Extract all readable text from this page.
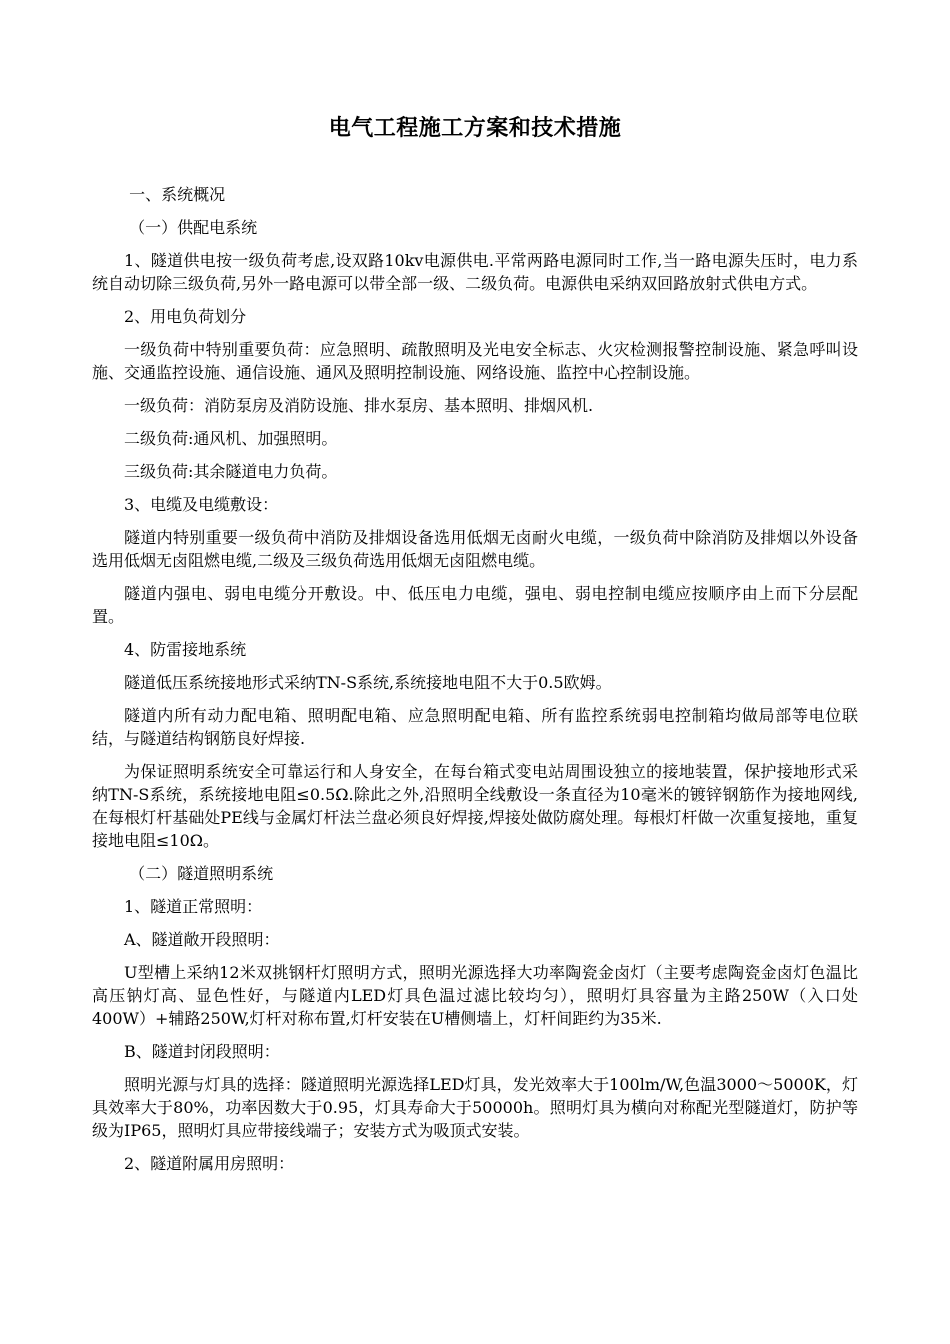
电气工程施工方案和技术措施

一、系统概况

（一）供配电系统

1、隧道供电按一级负荷考虑,设双路10kv电源供电.平常两路电源同时工作,当一路电源失压时，电力系统自动切除三级负荷,另外一路电源可以带全部一级、二级负荷。电源供电采纳双回路放射式供电方式。

2、用电负荷划分

一级负荷中特别重要负荷：应急照明、疏散照明及光电安全标志、火灾检测报警控制设施、紧急呼叫设施、交通监控设施、通信设施、通风及照明控制设施、网络设施、监控中心控制设施。

一级负荷：消防泵房及消防设施、排水泵房、基本照明、排烟风机.

二级负荷:通风机、加强照明。

三级负荷:其余隧道电力负荷。

3、电缆及电缆敷设：

隧道内特别重要一级负荷中消防及排烟设备选用低烟无卤耐火电缆，一级负荷中除消防及排烟以外设备选用低烟无卤阻燃电缆,二级及三级负荷选用低烟无卤阻燃电缆。

隧道内强电、弱电电缆分开敷设。中、低压电力电缆，强电、弱电控制电缆应按顺序由上而下分层配置。

4、防雷接地系统

隧道低压系统接地形式采纳TN-S系统,系统接地电阻不大于0.5欧姆。

隧道内所有动力配电箱、照明配电箱、应急照明配电箱、所有监控系统弱电控制箱均做局部等电位联结，与隧道结构钢筋良好焊接.

为保证照明系统安全可靠运行和人身安全，在每台箱式变电站周围设独立的接地装置，保护接地形式采纳TN-S系统，系统接地电阻≤0.5Ω.除此之外,沿照明全线敷设一条直径为10毫米的镀锌钢筋作为接地网线,在每根灯杆基础处PE线与金属灯杆法兰盘必须良好焊接,焊接处做防腐处理。每根灯杆做一次重复接地，重复接地电阻≤10Ω。

（二）隧道照明系统

1、隧道正常照明：

A、隧道敞开段照明：

U型槽上采纳12米双挑钢杆灯照明方式，照明光源选择大功率陶瓷金卤灯（主要考虑陶瓷金卤灯色温比高压钠灯高、显色性好，与隧道内LED灯具色温过滤比较均匀），照明灯具容量为主路250W（入口处400W）+辅路250W,灯杆对称布置,灯杆安装在U槽侧墙上，灯杆间距约为35米.

B、隧道封闭段照明：

照明光源与灯具的选择：隧道照明光源选择LED灯具，发光效率大于100lm/W,色温3000～5000K，灯具效率大于80%，功率因数大于0.95，灯具寿命大于50000h。照明灯具为横向对称配光型隧道灯，防护等级为IP65，照明灯具应带接线端子；安装方式为吸顶式安装。

2、隧道附属用房照明：
